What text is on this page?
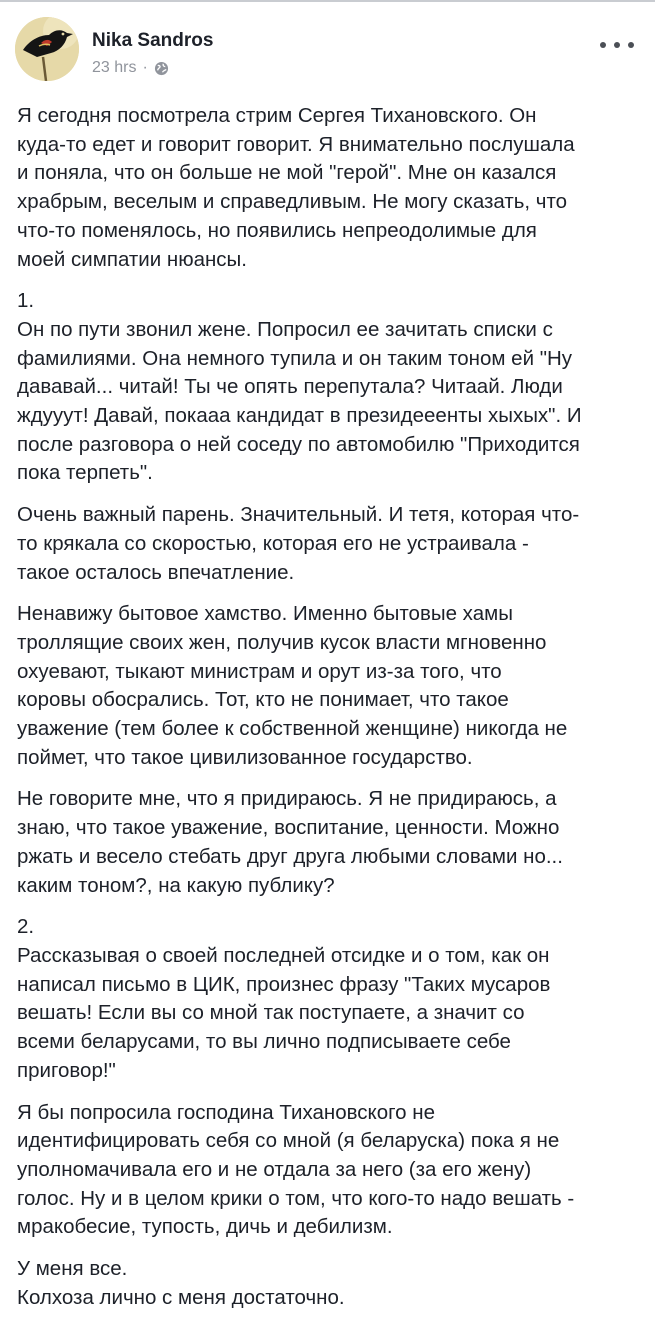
Nika Sandros
23 hrs ·

Я сегодня посмотрела стрим Сергея Тихановского. Он
куда-то едет и говорит говорит. Я внимательно послушала
и поняла, что он больше не мой "герой". Мне он казался
храбрым, веселым и справедливым. Не могу сказать, что
что-то поменялось, но появились непреодолимые для
моей симпатии нюансы.

1.
Он по пути звонил жене. Попросил ее зачитать списки с
фамилиями. Она немного тупила и он таким тоном ей "Ну
дававай... читай! Ты че опять перепутала? Читаай. Люди
ждууут! Давай, покааа кандидат в президееенты хыхых". И
после разговора о ней соседу по автомобилю "Приходится
пока терпеть".

Очень важный парень. Значительный. И тетя, которая что-
то крякала со скоростью, которая его не устраивала -
такое осталось впечатление.

Ненавижу бытовое хамство. Именно бытовые хамы
троллящие своих жен, получив кусок власти мгновенно
охуевают, тыкают министрам и орут из-за того, что
коровы обосрались. Тот, кто не понимает, что такое
уважение (тем более к собственной женщине) никогда не
поймет, что такое цивилизованное государство.

Не говорите мне, что я придираюсь. Я не придираюсь, а
знаю, что такое уважение, воспитание, ценности. Можно
ржать и весело стебать друг друга любыми словами но...
каким тоном?, на какую публику?

2.
Рассказывая о своей последней отсидке и о том, как он
написал письмо в ЦИК, произнес фразу "Таких мусаров
вешать! Если вы со мной так поступаете, а значит со
всеми беларусами, то вы лично подписываете себе
приговор!"

Я бы попросила господина Тихановского не
идентифицировать себя со мной (я беларуска) пока я не
уполномачивала его и не отдала за него (за его жену)
голос. Ну и в целом крики о том, что кого-то надо вешать -
мракобесие, тупость, дичь и дебилизм.

У меня все.
Колхоза лично с меня достаточно.
